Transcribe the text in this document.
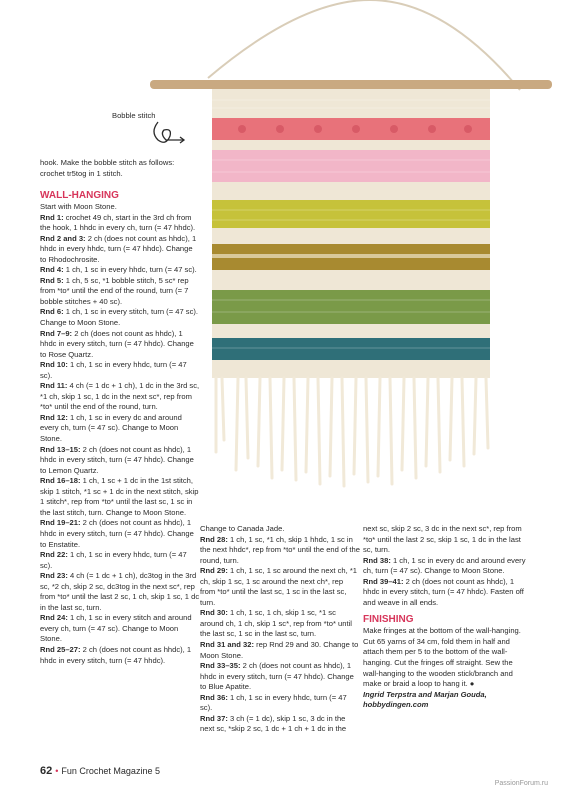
Bobble stitch

hook. Make the bobble stitch as follows:

crochet tr5tog in 1 stitch.

WALL-HANGING

Start with Moon Stone.

Rnd 1: crochet 49 ch, start in the 3rd ch from the hook, 1 hhdc in every ch, turn (= 47 hhdc).

Rnd 2 and 3: 2 ch (does not count as hhdc), 1 hhdc in every hhdc, turn (= 47 hhdc). Change to Rhodochrosite.

Rnd 4: 1 ch, 1 sc in every hhdc, turn (= 47 sc).

Rnd 5: 1 ch, 5 sc, *1 bobble stitch, 5 sc* rep from *to* until the end of the round, turn (= 7 bobble stitches + 40 sc).

Rnd 6: 1 ch, 1 sc in every stitch, turn (= 47 sc). Change to Moon Stone.

Rnd 7–9: 2 ch (does not count as hhdc), 1 hhdc in every stitch, turn (= 47 hhdc). Change to Rose Quartz.

Rnd 10: 1 ch, 1 sc in every hhdc, turn (= 47 sc).

Rnd 11: 4 ch (= 1 dc + 1 ch), 1 dc in the 3rd sc, *1 ch, skip 1 sc, 1 dc in the next sc*, rep from *to* until the end of the round, turn.

Rnd 12: 1 ch, 1 sc in every dc and around every ch, turn (= 47 sc). Change to Moon Stone.

Rnd 13–15: 2 ch (does not count as hhdc), 1 hhdc in every stitch, turn (= 47 hhdc). Change to Lemon Quartz.

Rnd 16–18: 1 ch, 1 sc + 1 dc in the 1st stitch, skip 1 stitch, *1 sc + 1 dc in the next stitch, skip 1 stitch*, rep from *to* until the last sc, 1 sc in the last stitch, turn. Change to Moon Stone.

Rnd 19–21: 2 ch (does not count as hhdc), 1 hhdc in every stitch, turn (= 47 hhdc). Change to Enstatite.

Rnd 22: 1 ch, 1 sc in every hhdc, turn (= 47 sc).

Rnd 23: 4 ch (= 1 dc + 1 ch), dc3tog in the 3rd sc, *2 ch, skip 2 sc, dc3tog in the next sc*, rep from *to* until the last 2 sc, 1 ch, skip 1 sc, 1 dc in the last sc, turn.

Rnd 24: 1 ch, 1 sc in every stitch and around every ch, turn (= 47 sc). Change to Moon Stone.

Rnd 25–27: 2 ch (does not count as hhdc), 1 hhdc in every stitch, turn (= 47 hhdc).

Change to Canada Jade.

Rnd 28: 1 ch, 1 sc, *1 ch, skip 1 hhdc, 1 sc in the next hhdc*, rep from *to* until the end of the round, turn.

Rnd 29: 1 ch, 1 sc, 1 sc around the next ch, *1 ch, skip 1 sc, 1 sc around the next ch*, rep from *to* until the last sc, 1 sc in the last sc, turn.

Rnd 30: 1 ch, 1 sc, 1 ch, skip 1 sc, *1 sc around ch, 1 ch, skip 1 sc*, rep from *to* until the last sc, 1 sc in the last sc, turn.

Rnd 31 and 32: rep Rnd 29 and 30. Change to Moon Stone.

Rnd 33–35: 2 ch (does not count as hhdc), 1 hhdc in every stitch, turn (= 47 hhdc). Change to Blue Apatite.

Rnd 36: 1 ch, 1 sc in every hhdc, turn (= 47 sc).

Rnd 37: 3 ch (= 1 dc), skip 1 sc, 3 dc in the next sc, *skip 2 sc, 1 dc + 1 ch + 1 dc in the

next sc, skip 2 sc, 3 dc in the next sc*, rep from *to* until the last 2 sc, skip 1 sc, 1 dc in the last sc, turn.

Rnd 38: 1 ch, 1 sc in every dc and around every ch, turn (= 47 sc). Change to Moon Stone.

Rnd 39–41: 2 ch (does not count as hhdc), 1 hhdc in every stitch, turn (= 47 hhdc). Fasten off and weave in all ends.

FINISHING

Make fringes at the bottom of the wall-hanging. Cut 65 yarns of 34 cm, fold them in half and attach them per 5 to the bottom of the wall-hanging. Cut the fringes off straight. Sew the wall-hanging to the wooden stick/branch and make or braid a loop to hang it. ●

Ingrid Terpstra and Marjan Gouda,

hobbydingen.com

62 • Fun Crochet Magazine 5
PassionForum.ru
